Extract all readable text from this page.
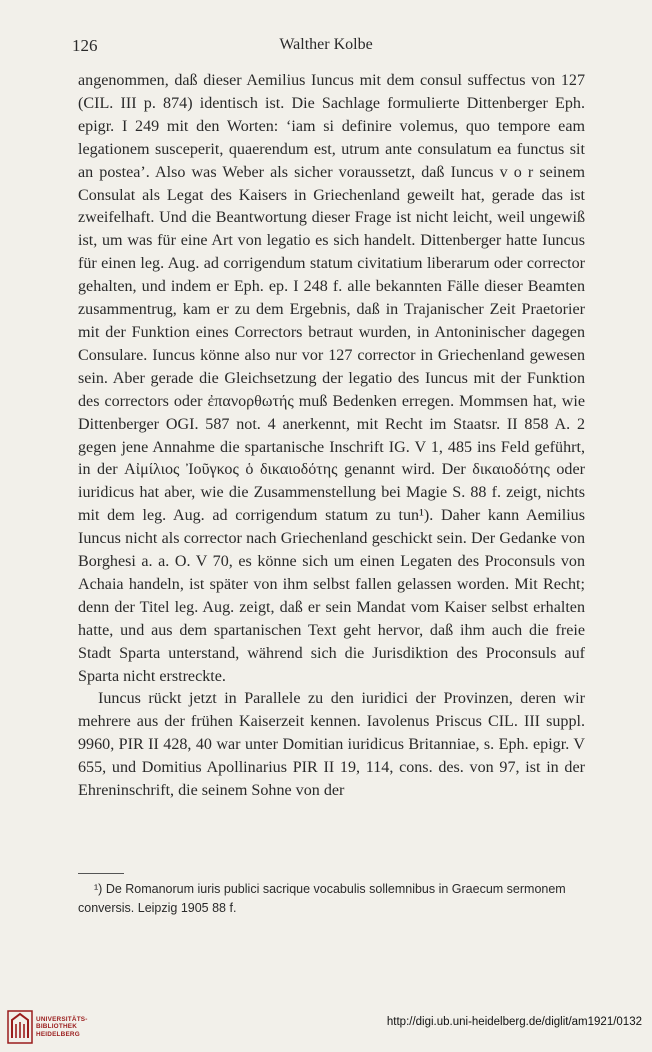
126	Walther Kolbe

angenommen, daß dieser Aemilius Iuncus mit dem consul suffectus von 127 (CIL. III p. 874) identisch ist. Die Sachlage formulierte Dittenberger Eph. epigr. I 249 mit den Worten: ‘iam si definire volemus, quo tempore eam legationem susceperit, quaerendum est, utrum ante consulatum ea functus sit an postea’. Also was Weber als sicher voraussetzt, daß Iuncus v o r seinem Consulat als Legat des Kaisers in Griechenland geweilt hat, gerade das ist zweifelhaft. Und die Beantwortung dieser Frage ist nicht leicht, weil ungewiß ist, um was für eine Art von legatio es sich handelt. Dittenberger hatte Iuncus für einen leg. Aug. ad corrigendum statum civitatium liberarum oder corrector gehalten, und indem er Eph. ep. I 248 f. alle bekannten Fälle dieser Beamten zusammentrug, kam er zu dem Ergebnis, daß in Trajanischer Zeit Praetorier mit der Funktion eines Correctors betraut wurden, in Antoninischer dagegen Consulare. Iuncus könne also nur vor 127 corrector in Griechenland gewesen sein. Aber gerade die Gleichsetzung der legatio des Iuncus mit der Funktion des correctors oder ἐπανορθωτής muß Bedenken erregen. Mommsen hat, wie Dittenberger OGI. 587 not. 4 anerkennt, mit Recht im Staatsr. II 858 A. 2 gegen jene Annahme die spartanische Inschrift IG. V 1, 485 ins Feld geführt, in der Αἰμίλιος Ἰοῦγκος ὁ δικαιοδότης genannt wird. Der δικαιοδότης oder iuridicus hat aber, wie die Zusammenstellung bei Magie S. 88 f. zeigt, nichts mit dem leg. Aug. ad corrigendum statum zu tun¹). Daher kann Aemilius Iuncus nicht als corrector nach Griechenland geschickt sein. Der Gedanke von Borghesi a. a. O. V 70, es könne sich um einen Legaten des Proconsuls von Achaia handeln, ist später von ihm selbst fallen gelassen worden. Mit Recht; denn der Titel leg. Aug. zeigt, daß er sein Mandat vom Kaiser selbst erhalten hatte, und aus dem spartanischen Text geht hervor, daß ihm auch die freie Stadt Sparta unterstand, während sich die Jurisdiktion des Proconsuls auf Sparta nicht erstreckte.

Iuncus rückt jetzt in Parallele zu den iuridici der Provinzen, deren wir mehrere aus der frühen Kaiserzeit kennen. Iavolenus Priscus CIL. III suppl. 9960, PIR II 428, 40 war unter Domitian iuridicus Britanniae, s. Eph. epigr. V 655, und Domitius Apollinarius PIR II 19, 114, cons. des. von 97, ist in der Ehreninschrift, die seinem Sohne von der

¹) De Romanorum iuris publici sacrique vocabulis sollemnibus in Graecum sermonem conversis. Leipzig 1905 88 f.
UNIVERSITÄTS-
BIBLIOTHEK
HEIDELBERG
http://digi.ub.uni-heidelberg.de/diglit/am1921/0132
